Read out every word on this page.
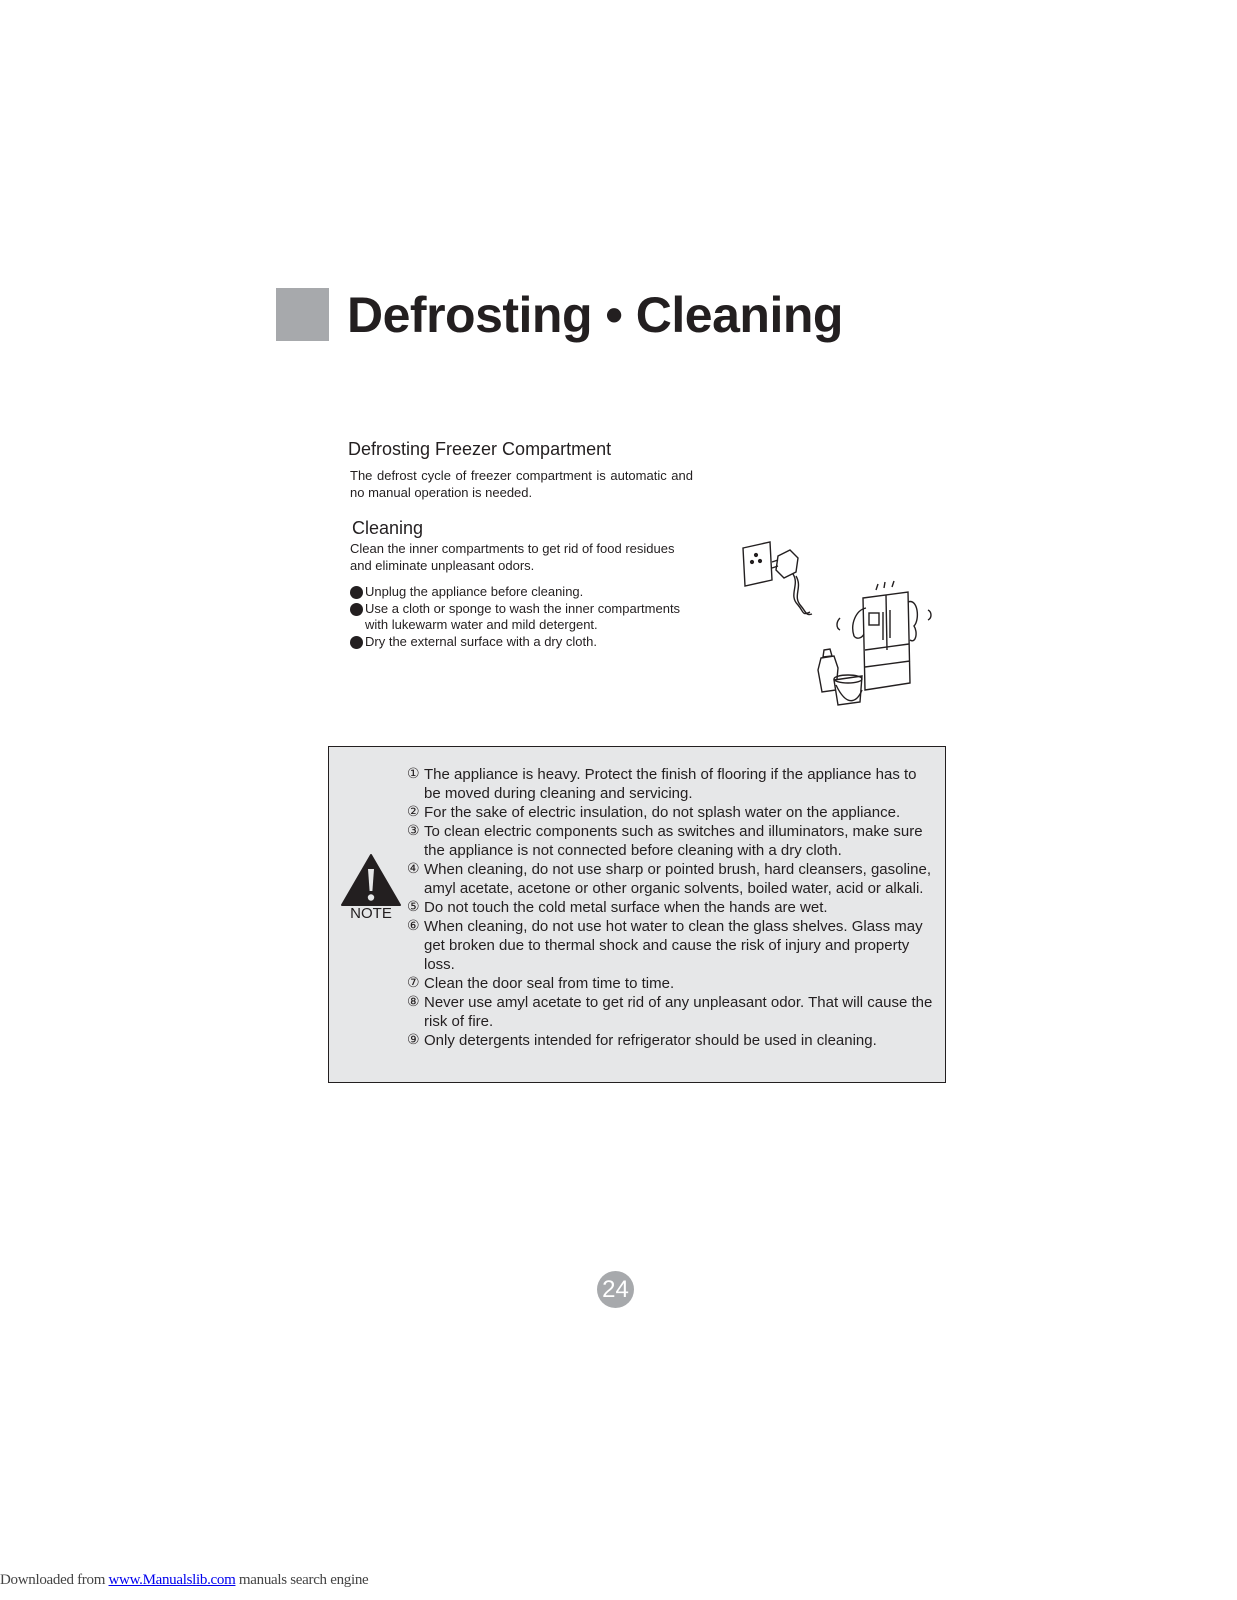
Defrosting • Cleaning
Defrosting Freezer Compartment

The defrost cycle of freezer compartment is automatic and no manual operation is needed.

Cleaning

Clean the inner compartments to get rid of food residues and eliminate unpleasant odors.

Unplug the appliance before cleaning.
Use a cloth or sponge to wash the inner compartments with lukewarm water and mild detergent.
Dry the external surface with a dry cloth.
NOTE
① The appliance is heavy. Protect the finish of flooring if the appliance has to be moved during cleaning and servicing.
② For the sake of electric insulation, do not splash water on the appliance.
③ To clean electric components such as switches and illuminators, make sure the appliance is not connected before cleaning with a dry cloth.
④ When cleaning, do not use sharp or pointed brush, hard cleansers, gasoline, amyl acetate, acetone or other organic solvents, boiled water, acid or alkali.
⑤ Do not touch the cold metal surface when the hands are wet.
⑥ When cleaning, do not use hot water to clean the glass shelves. Glass may get broken due to thermal shock and cause the risk of injury and property loss.
⑦ Clean the door seal from time to time.
⑧ Never use amyl acetate to get rid of any unpleasant odor. That will cause the risk of fire.
⑨ Only detergents intended for refrigerator should be used in cleaning.
24
Downloaded from www.Manualslib.com manuals search engine
